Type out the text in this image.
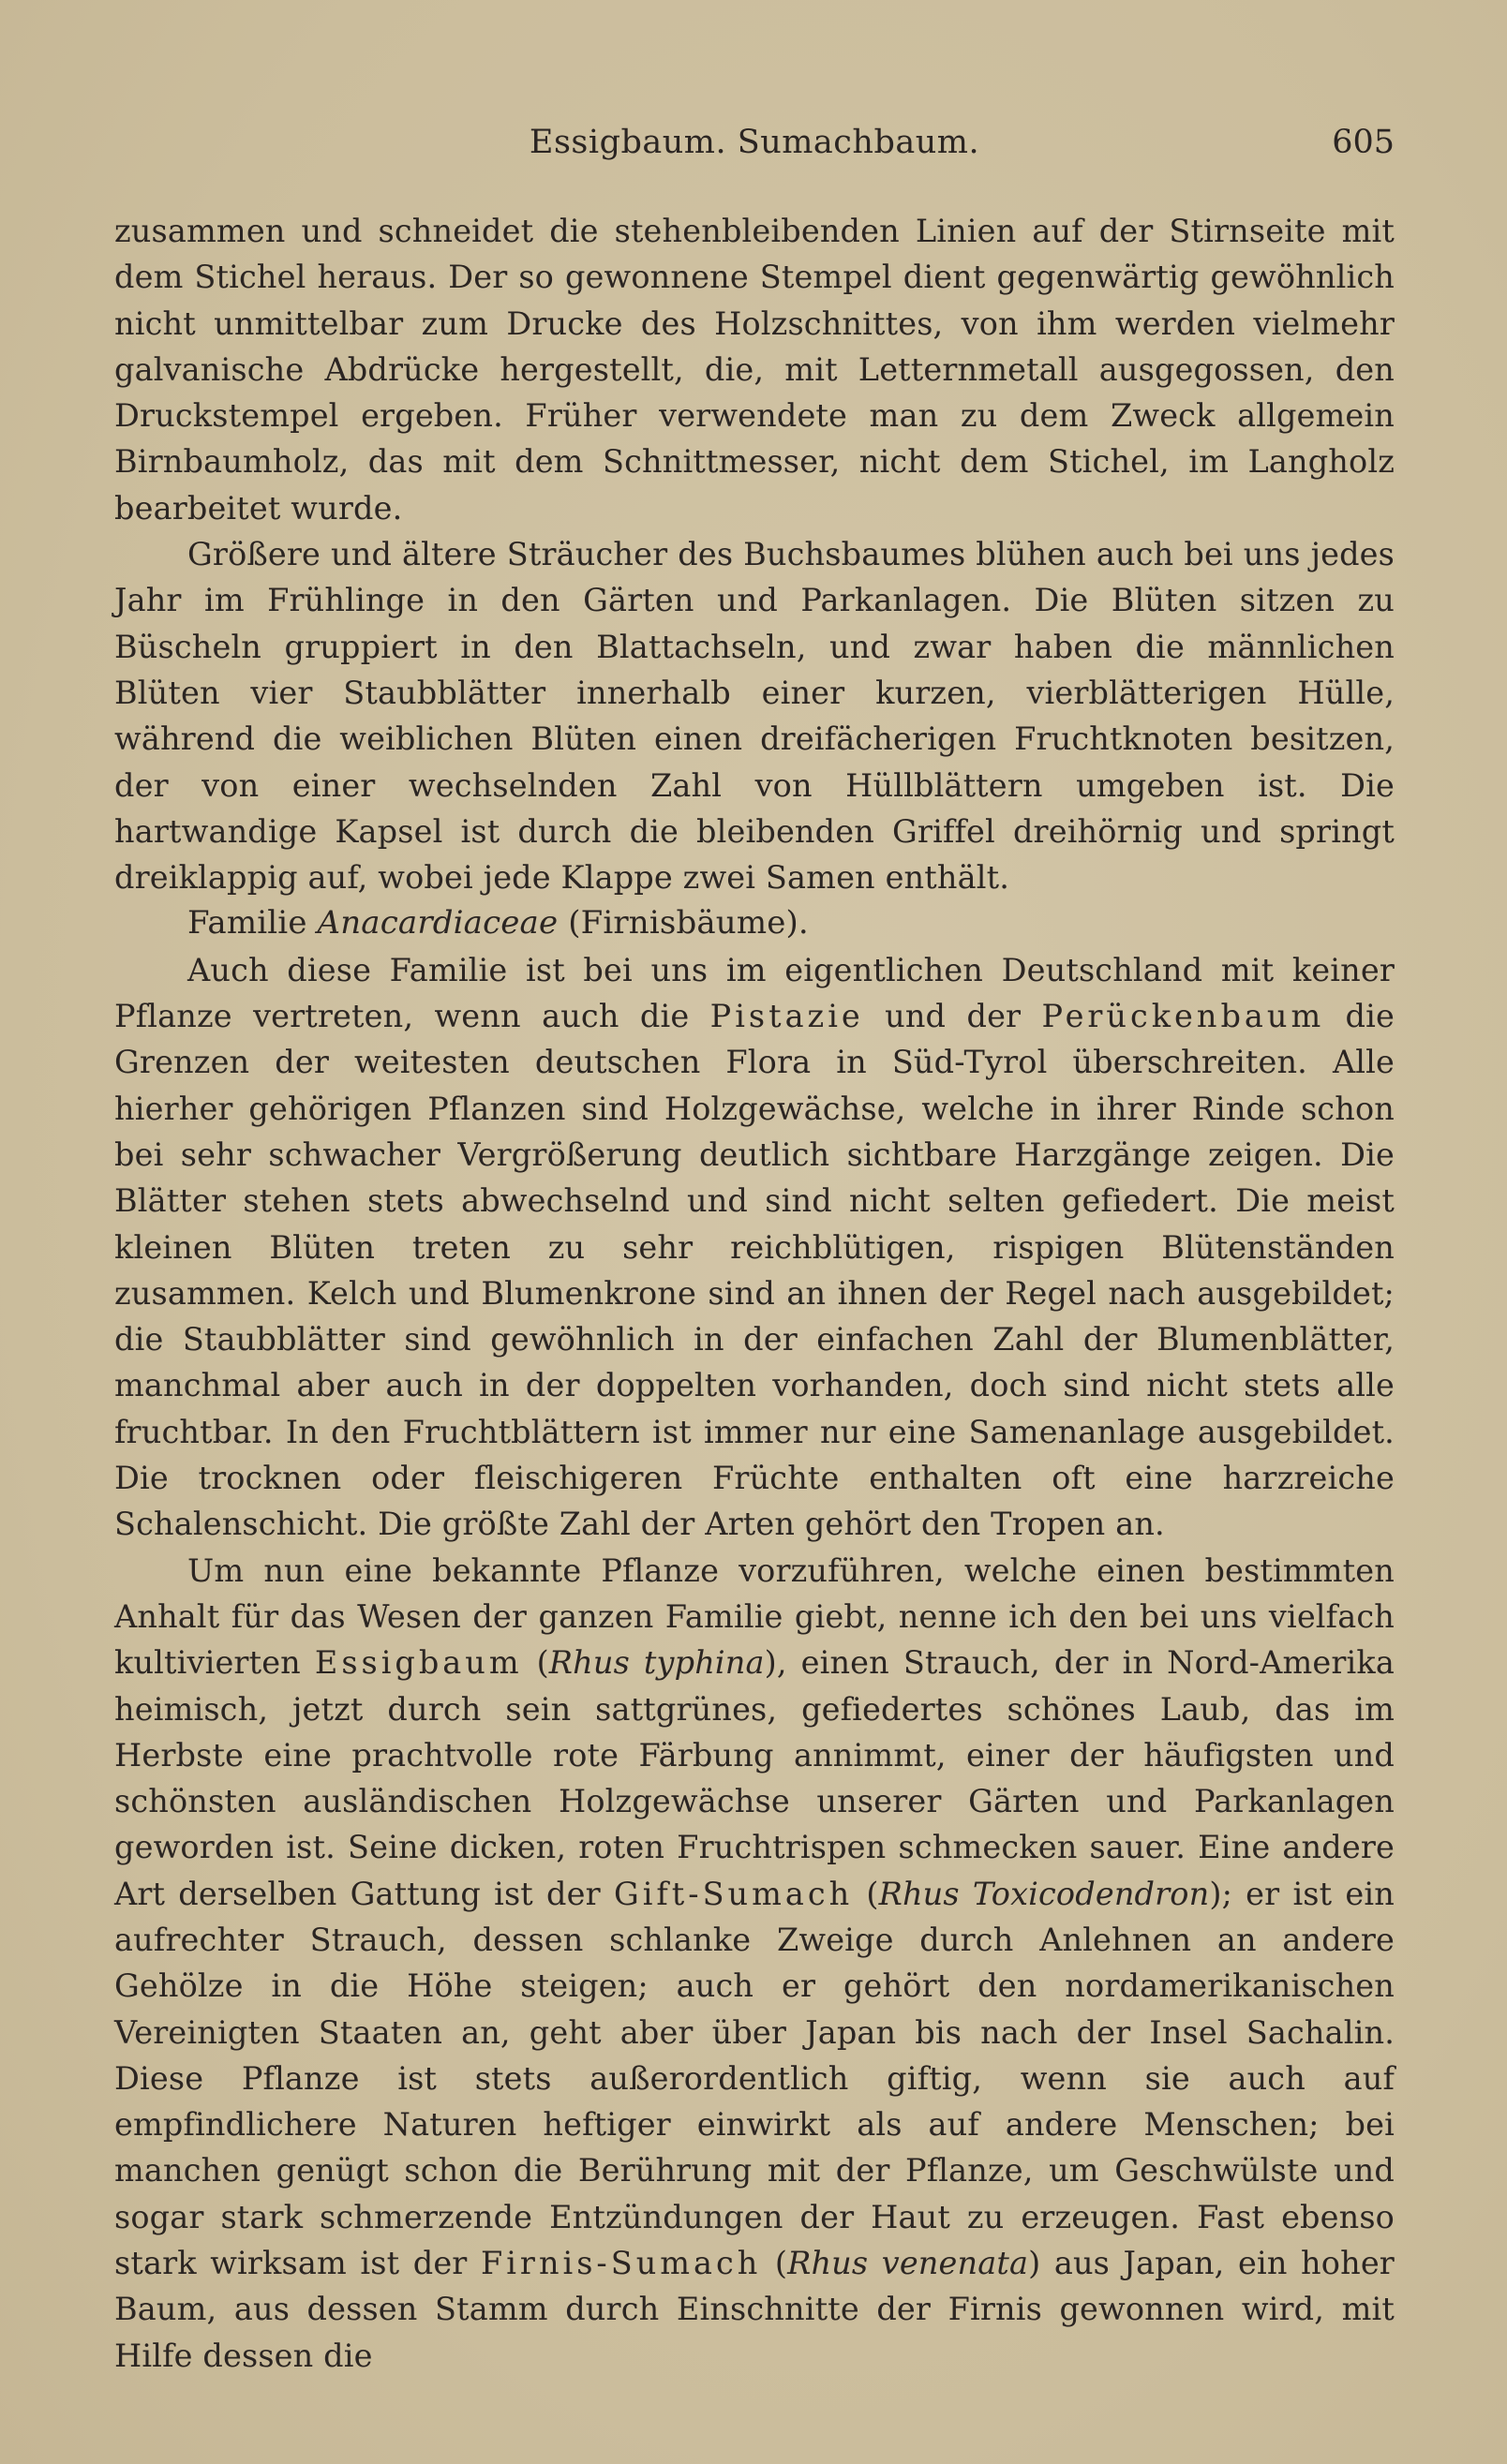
Essigbaum. Sumachbaum.	605

zusammen und schneidet die stehenbleibenden Linien auf der Stirnseite mit dem Stichel heraus. Der so gewonnene Stempel dient gegenwärtig gewöhnlich nicht unmittelbar zum Drucke des Holzschnittes, von ihm werden vielmehr galvanische Abdrücke hergestellt, die, mit Letternmetall ausgegossen, den Druckstempel ergeben. Früher verwendete man zu dem Zweck allgemein Birnbaumholz, das mit dem Schnittmesser, nicht dem Stichel, im Langholz bearbeitet wurde.

Größere und ältere Sträucher des Buchsbaumes blühen auch bei uns jedes Jahr im Frühlinge in den Gärten und Parkanlagen. Die Blüten sitzen zu Büscheln gruppiert in den Blattachseln, und zwar haben die männlichen Blüten vier Staubblätter innerhalb einer kurzen, vierblätterigen Hülle, während die weiblichen Blüten einen dreifächerigen Fruchtknoten besitzen, der von einer wechselnden Zahl von Hüllblättern umgeben ist. Die hartwandige Kapsel ist durch die bleibenden Griffel dreihörnig und springt dreiklappig auf, wobei jede Klappe zwei Samen enthält.

Familie Anacardiaceae (Firnisbäume).

Auch diese Familie ist bei uns im eigentlichen Deutschland mit keiner Pflanze vertreten, wenn auch die Pistazie und der Perückenbaum die Grenzen der weitesten deutschen Flora in Süd-Tyrol überschreiten. Alle hierher gehörigen Pflanzen sind Holzgewächse, welche in ihrer Rinde schon bei sehr schwacher Vergrößerung deutlich sichtbare Harzgänge zeigen. Die Blätter stehen stets abwechselnd und sind nicht selten gefiedert. Die meist kleinen Blüten treten zu sehr reichblütigen, rispigen Blütenständen zusammen. Kelch und Blumenkrone sind an ihnen der Regel nach ausgebildet; die Staubblätter sind gewöhnlich in der einfachen Zahl der Blumenblätter, manchmal aber auch in der doppelten vorhanden, doch sind nicht stets alle fruchtbar. In den Fruchtblättern ist immer nur eine Samenanlage ausgebildet. Die trocknen oder fleischigeren Früchte enthalten oft eine harzreiche Schalenschicht. Die größte Zahl der Arten gehört den Tropen an.

Um nun eine bekannte Pflanze vorzuführen, welche einen bestimmten Anhalt für das Wesen der ganzen Familie giebt, nenne ich den bei uns vielfach kultivierten Essigbaum (Rhus typhina), einen Strauch, der in Nord-Amerika heimisch, jetzt durch sein sattgrünes, gefiedertes schönes Laub, das im Herbste eine prachtvolle rote Färbung annimmt, einer der häufigsten und schönsten ausländischen Holzgewächse unserer Gärten und Parkanlagen geworden ist. Seine dicken, roten Fruchtrispen schmecken sauer. Eine andere Art derselben Gattung ist der Gift-Sumach (Rhus Toxicodendron); er ist ein aufrechter Strauch, dessen schlanke Zweige durch Anlehnen an andere Gehölze in die Höhe steigen; auch er gehört den nordamerikanischen Vereinigten Staaten an, geht aber über Japan bis nach der Insel Sachalin. Diese Pflanze ist stets außerordentlich giftig, wenn sie auch auf empfindlichere Naturen heftiger einwirkt als auf andere Menschen; bei manchen genügt schon die Berührung mit der Pflanze, um Geschwülste und sogar stark schmerzende Entzündungen der Haut zu erzeugen. Fast ebenso stark wirksam ist der Firnis-Sumach (Rhus venenata) aus Japan, ein hoher Baum, aus dessen Stamm durch Einschnitte der Firnis gewonnen wird, mit Hilfe dessen die
